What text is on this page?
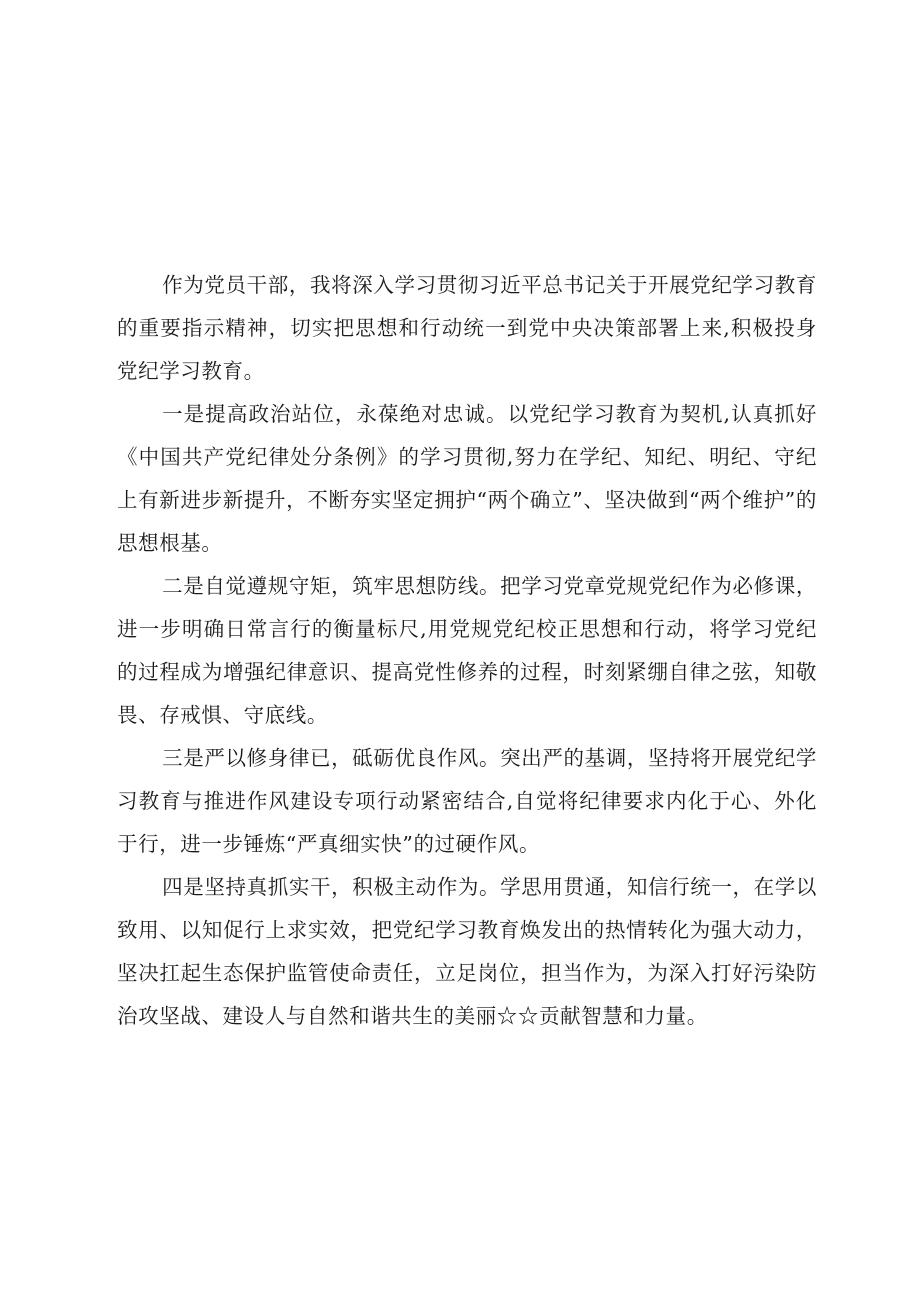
作为党员干部，我将深入学习贯彻习近平总书记关于开展党纪学习教育的重要指示精神，切实把思想和行动统一到党中央决策部署上来,积极投身党纪学习教育。

一是提高政治站位，永葆绝对忠诚。以党纪学习教育为契机,认真抓好《中国共产党纪律处分条例》的学习贯彻,努力在学纪、知纪、明纪、守纪上有新进步新提升，不断夯实坚定拥护“两个确立”、坚决做到“两个维护”的思想根基。

二是自觉遵规守矩，筑牢思想防线。把学习党章党规党纪作为必修课，进一步明确日常言行的衡量标尺,用党规党纪校正思想和行动，将学习党纪的过程成为增强纪律意识、提高党性修养的过程，时刻紧绷自律之弦，知敬畏、存戒惧、守底线。

三是严以修身律已，砥砺优良作风。突出严的基调，坚持将开展党纪学习教育与推进作风建设专项行动紧密结合,自觉将纪律要求内化于心、外化于行，进一步锤炼“严真细实快”的过硬作风。

四是坚持真抓实干，积极主动作为。学思用贯通，知信行统一，在学以致用、以知促行上求实效，把党纪学习教育焕发出的热情转化为强大动力，坚决扛起生态保护监管使命责任，立足岗位，担当作为，为深入打好污染防治攻坚战、建设人与自然和谐共生的美丽☆☆贡献智慧和力量。
